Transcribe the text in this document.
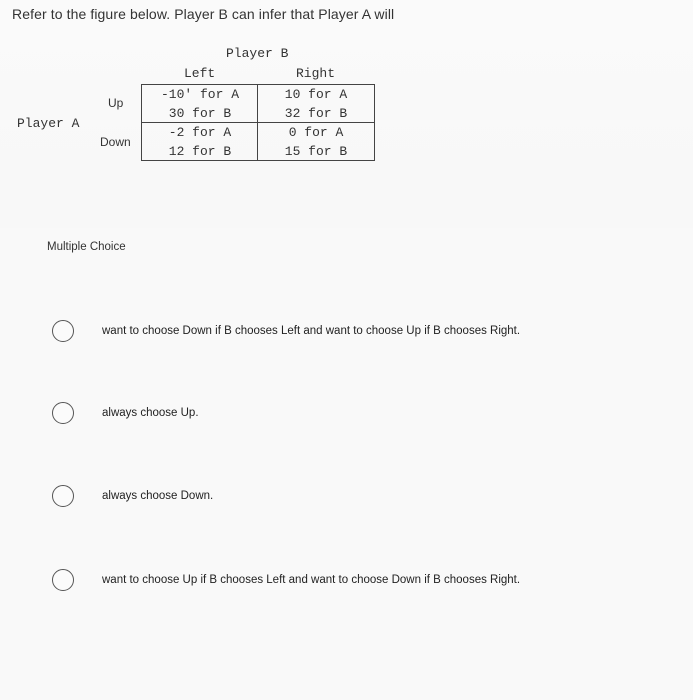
Refer to the figure below. Player B can infer that Player A will
Player B
Left	Right
Player A
Up
Down
-10' for A
30 for B
10 for A
32 for B
-2 for A
12 for B
0 for A
15 for B
Multiple Choice
want to choose Down if B chooses Left and want to choose Up if B chooses Right.
always choose Up.
always choose Down.
want to choose Up if B chooses Left and want to choose Down if B chooses Right.
